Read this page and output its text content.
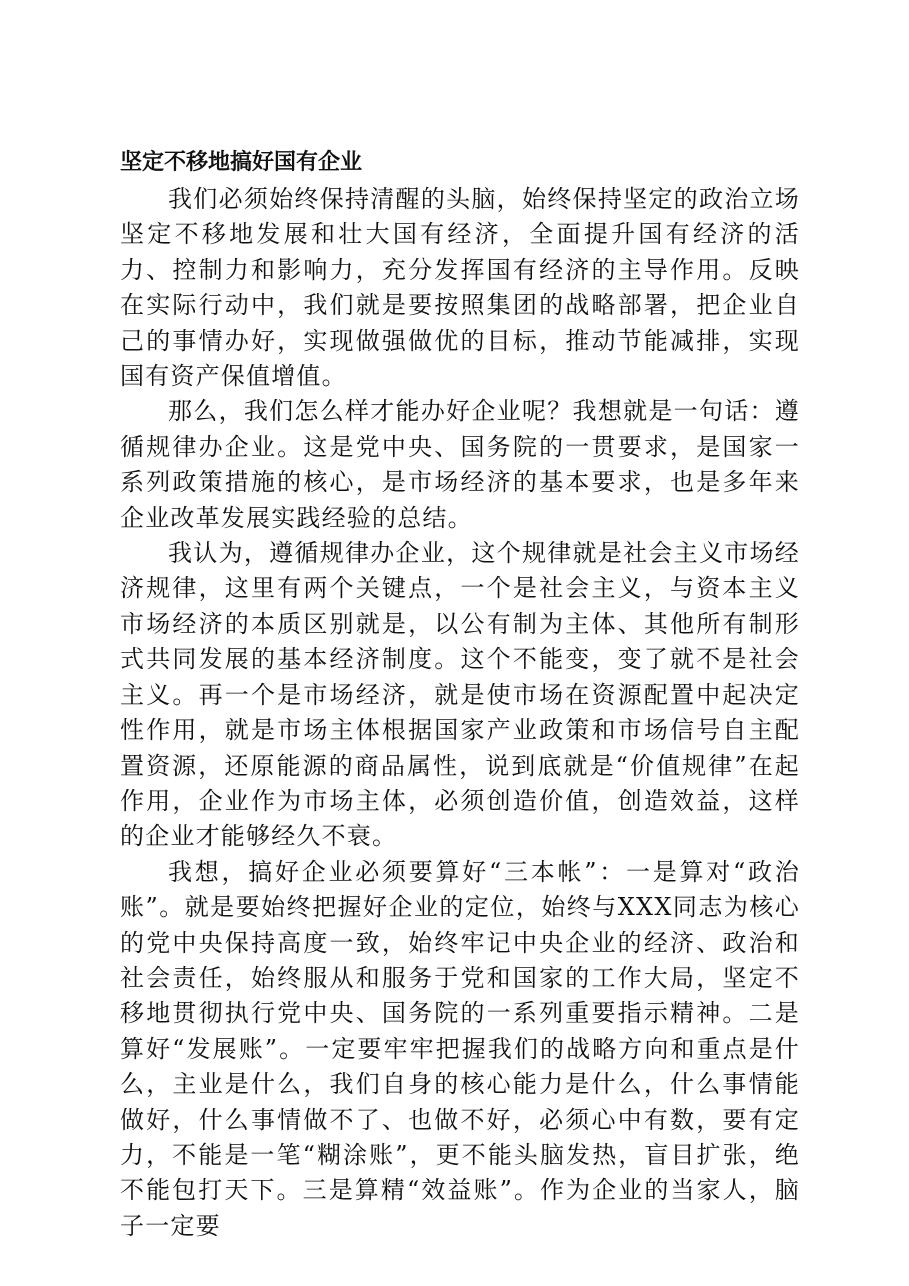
坚定不移地搞好国有企业

我们必须始终保持清醒的头脑，始终保持坚定的政治立场坚定不移地发展和壮大国有经济，全面提升国有经济的活力、控制力和影响力，充分发挥国有经济的主导作用。反映在实际行动中，我们就是要按照集团的战略部署，把企业自己的事情办好，实现做强做优的目标，推动节能减排，实现国有资产保值增值。

那么，我们怎么样才能办好企业呢？我想就是一句话：遵循规律办企业。这是党中央、国务院的一贯要求，是国家一系列政策措施的核心，是市场经济的基本要求，也是多年来企业改革发展实践经验的总结。

我认为，遵循规律办企业，这个规律就是社会主义市场经济规律，这里有两个关键点，一个是社会主义，与资本主义市场经济的本质区别就是，以公有制为主体、其他所有制形式共同发展的基本经济制度。这个不能变，变了就不是社会主义。再一个是市场经济，就是使市场在资源配置中起决定性作用，就是市场主体根据国家产业政策和市场信号自主配置资源，还原能源的商品属性，说到底就是“价值规律”在起作用，企业作为市场主体，必须创造价值，创造效益，这样的企业才能够经久不衰。

我想，搞好企业必须要算好“三本帐”：一是算对“政治账”。就是要始终把握好企业的定位，始终与XXX同志为核心的党中央保持高度一致，始终牢记中央企业的经济、政治和社会责任，始终服从和服务于党和国家的工作大局，坚定不移地贯彻执行党中央、国务院的一系列重要指示精神。二是算好“发展账”。一定要牢牢把握我们的战略方向和重点是什么，主业是什么，我们自身的核心能力是什么，什么事情能做好，什么事情做不了、也做不好，必须心中有数，要有定力，不能是一笔“糊涂账”，更不能头脑发热，盲目扩张，绝不能包打天下。三是算精“效益账”。作为企业的当家人，脑子一定要
